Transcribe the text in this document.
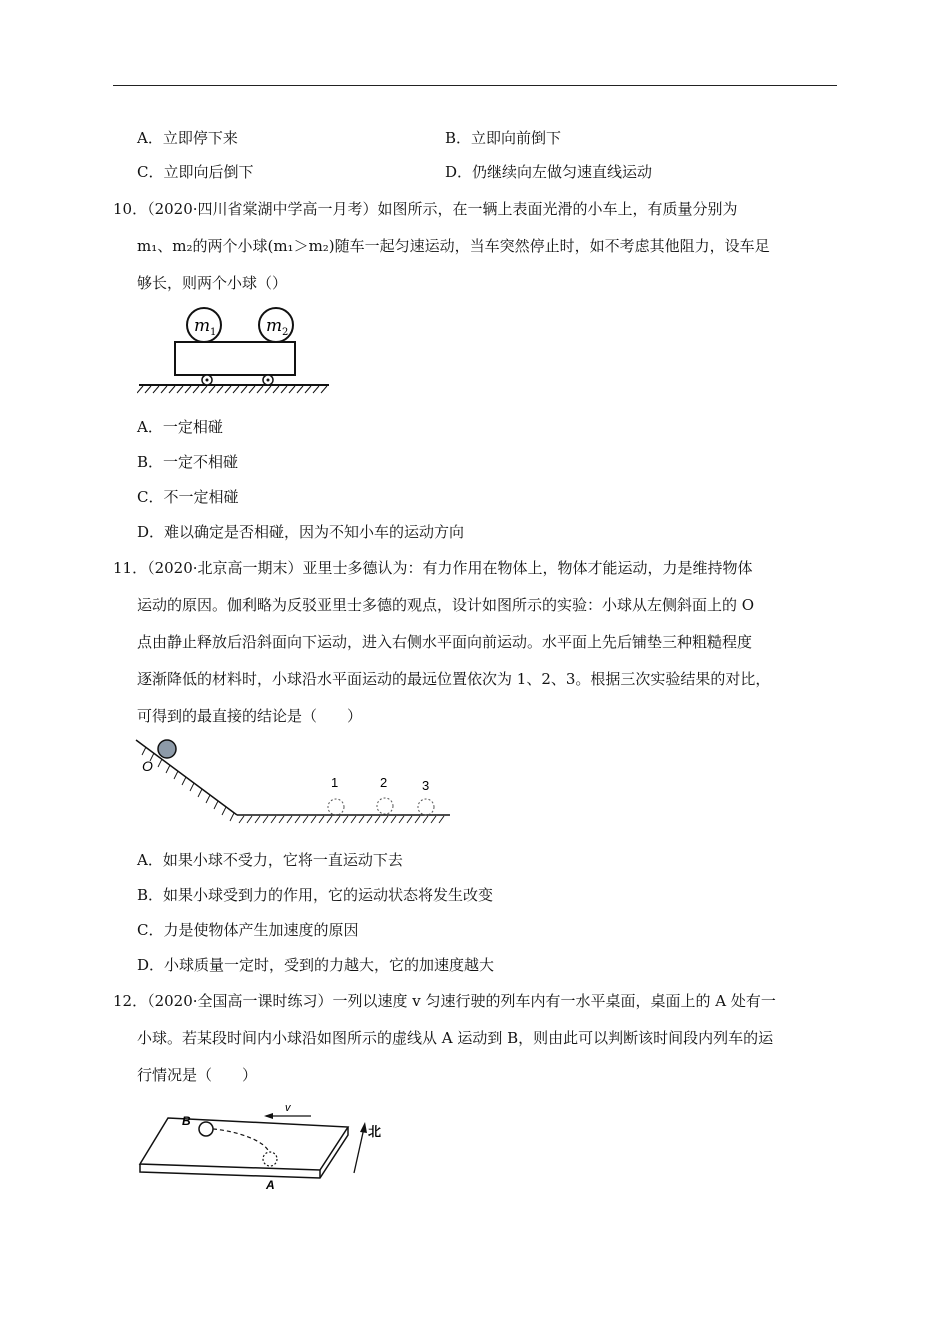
A．立即停下来	B．立即向前倒下
C．立即向后倒下	D．仍继续向左做匀速直线运动
10．（2020·四川省棠湖中学高一月考）如图所示，在一辆上表面光滑的小车上，有质量分别为
m₁、m₂的两个小球(m₁＞m₂)随车一起匀速运动，当车突然停止时，如不考虑其他阻力，设车足
够长，则两个小球（）
m 1	m 2
A．一定相碰
B．一定不相碰
C．不一定相碰
D．难以确定是否相碰，因为不知小车的运动方向
11．（2020·北京高一期末）亚里士多德认为：有力作用在物体上，物体才能运动，力是维持物体
运动的原因。伽利略为反驳亚里士多德的观点，设计如图所示的实验：小球从左侧斜面上的 O
点由静止释放后沿斜面向下运动，进入右侧水平面向前运动。水平面上先后铺垫三种粗糙程度
逐渐降低的材料时，小球沿水平面运动的最远位置依次为 1、2、3。根据三次实验结果的对比，
可得到的最直接的结论是（　　）
O
1	2	3
A．如果小球不受力，它将一直运动下去
B．如果小球受到力的作用，它的运动状态将发生改变
C．力是使物体产生加速度的原因
D．小球质量一定时，受到的力越大，它的加速度越大
12．（2020·全国高一课时练习）一列以速度 v 匀速行驶的列车内有一水平桌面，桌面上的 A 处有一
小球。若某段时间内小球沿如图所示的虚线从 A 运动到 B，则由此可以判断该时间段内列车的运
行情况是（　　）
B
A
v
北
